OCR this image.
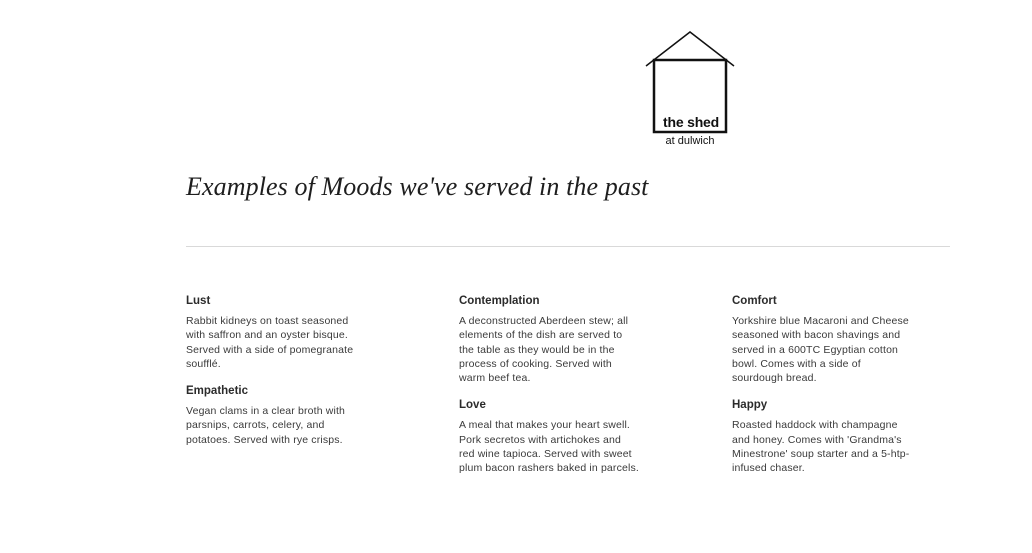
the shed
at dulwich
Examples of Moods we've served in the past
Lust

Rabbit kidneys on toast seasoned
with saffron and an oyster bisque.
Served with a side of pomegranate
soufflé.

Empathetic

Vegan clams in a clear broth with
parsnips, carrots, celery, and
potatoes. Served with rye crisps.

Contemplation

A deconstructed Aberdeen stew; all
elements of the dish are served to
the table as they would be in the
process of cooking. Served with
warm beef tea.

Love

A meal that makes your heart swell.
Pork secretos with artichokes and
red wine tapioca. Served with sweet
plum bacon rashers baked in parcels.

Comfort

Yorkshire blue Macaroni and Cheese
seasoned with bacon shavings and
served in a 600TC Egyptian cotton
bowl. Comes with a side of
sourdough bread.

Happy

Roasted haddock with champagne
and honey. Comes with 'Grandma's
Minestrone' soup starter and a 5-htp-
infused chaser.
